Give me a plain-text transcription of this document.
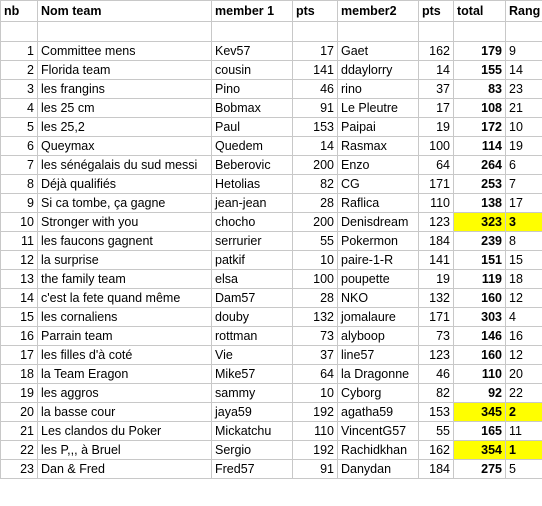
nb	Nom team	member 1	pts	member2	pts	total	Rang

1	Committee mens	Kev57	17	Gaet	162	179	9
2	Florida team	cousin	141	ddaylorry	14	155	14
3	les frangins	Pino	46	rino	37	83	23
4	les 25 cm	Bobmax	91	Le Pleutre	17	108	21
5	les 25,2	Paul	153	Paipai	19	172	10
6	Queymax	Quedem	14	Rasmax	100	114	19
7	les sénégalais du sud messi	Beberovic	200	Enzo	64	264	6
8	Déjà qualifiés	Hetolias	82	CG	171	253	7
9	Si ca tombe, ça gagne	jean-jean	28	Raflica	110	138	17
10	Stronger with you	chocho	200	Denisdream	123	323	3
11	les faucons gagnent	serrurier	55	Pokermon	184	239	8
12	la surprise	patkif	10	paire-1-R	141	151	15
13	the family team	elsa	100	poupette	19	119	18
14	c'est la fete quand même	Dam57	28	NKO	132	160	12
15	les cornaliens	douby	132	jomalaure	171	303	4
16	Parrain team	rottman	73	alyboop	73	146	16
17	les filles d'à coté	Vie	37	line57	123	160	12
18	la Team Eragon	Mike57	64	la Dragonne	46	110	20
19	les aggros	sammy	10	Cyborg	82	92	22
20	la basse cour	jaya59	192	agatha59	153	345	2
21	Les clandos du Poker	Mickatchu	110	VincentG57	55	165	11
22	les P,,, à Bruel	Sergio	192	Rachidkhan	162	354	1
23	Dan & Fred	Fred57	91	Danydan	184	275	5
